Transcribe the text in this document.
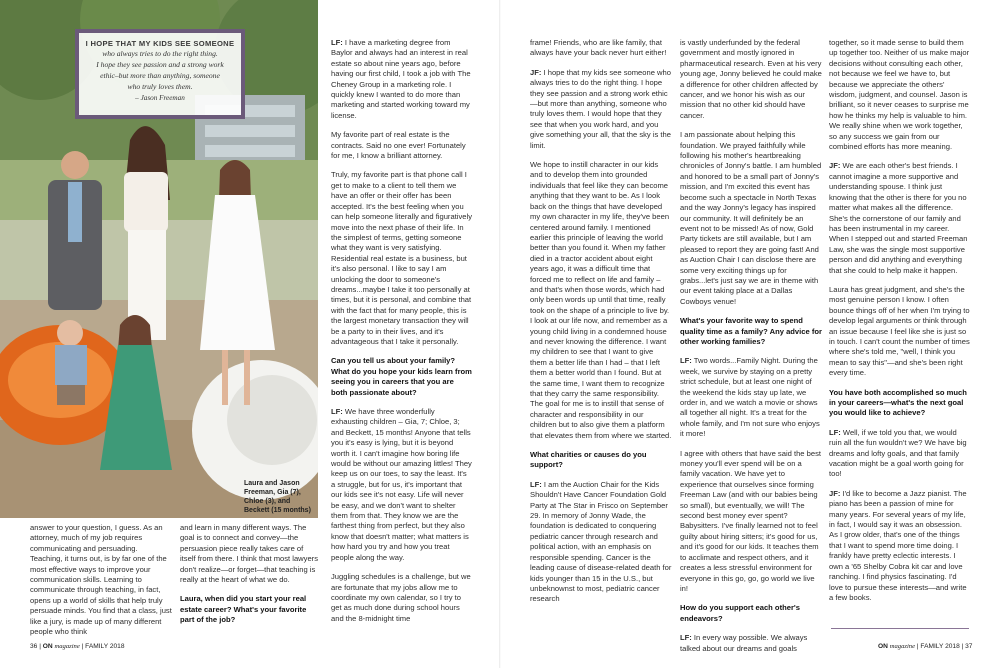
I HOPE THAT MY KIDS SEE SOMEONE
who always tries to do the right thing.
I hope they see passion and a strong work
ethic–but more than anything, someone
who truly loves them.
– Jason Freeman
Laura and Jason
Freeman, Gia (7),
Chloe (3), and
Beckett (15 months)

answer to your question, I guess. As an attorney, much of my job requires communicating and persuading. Teaching, it turns out, is by far one of the most effective ways to improve your communication skills. Learning to communicate through teaching, in fact, opens up a world of skills that help truly persuade minds. You find that a class, just like a jury, is made up of many different people who think

and learn in many different ways. The goal is to connect and convey—the persuasion piece really takes care of itself from there. I think that most lawyers don't realize—or forget—that teaching is really at the heart of what we do.

Laura, when did you start your real estate career? What's your favorite part of the job?

LF: I have a marketing degree from Baylor and always had an interest in real estate so about nine years ago, before having our first child, I took a job with The Cheney Group in a marketing role. I quickly knew I wanted to do more than marketing and started working toward my license.

My favorite part of real estate is the contracts. Said no one ever! Fortunately for me, I know a brilliant attorney.

Truly, my favorite part is that phone call I get to make to a client to tell them we have an offer or their offer has been accepted. It's the best feeling when you can help someone literally and figuratively move into the next phase of their life. In the simplest of terms, getting someone what they want is very satisfying. Residential real estate is a business, but it's also personal. I like to say I am unlocking the door to someone's dreams...maybe I take it too personally at times, but it is personal, and combine that with the fact that for many people, this is the largest monetary transaction they will be a party to in their lives, and it's advantageous that I take it personally.

Can you tell us about your family? What do you hope your kids learn from seeing you in careers that you are both passionate about?

LF: We have three wonderfully exhausting children – Gia, 7; Chloe, 3; and Beckett, 15 months! Anyone that tells you it's easy is lying, but it is beyond worth it. I can't imagine how boring life would be without our amazing littles! They keep us on our toes, to say the least. It's a struggle, but for us, it's important that our kids see it's not easy. Life will never be easy, and we don't want to shelter them from that. They know we are the farthest thing from perfect, but they also know that doesn't matter; what matters is how hard you try and how you treat people along the way.

Juggling schedules is a challenge, but we are fortunate that my jobs allow me to coordinate my own calendar, so I try to get as much done during school hours and the 8-midnight time

frame! Friends, who are like family, that always have your back never hurt either!

JF: I hope that my kids see someone who always tries to do the right thing. I hope they see passion and a strong work ethic—but more than anything, someone who truly loves them. I would hope that they see that when you work hard, and you give something your all, that the sky is the limit.

We hope to instill character in our kids and to develop them into grounded individuals that feel like they can become anything that they want to be. As I look back on the things that have developed my own character in my life, they've been centered around family. I mentioned earlier this principle of leaving the world better than you found it. When my father died in a tractor accident about eight years ago, it was a difficult time that forced me to reflect on life and family – and that's when those words, which had only been words up until that time, really took on the shape of a principle to live by. I look at our life now, and remember as a young child living in a condemned house and never knowing the difference. I want my children to see that I want to give them a better life than I had – that I left them a better world than I found. But at the same time, I want them to recognize that they carry the same responsibility. The goal for me is to instill that sense of character and responsibility in our children but to also give them a platform that elevates them from where we started.

What charities or causes do you support?

LF: I am the Auction Chair for the Kids Shouldn't Have Cancer Foundation Gold Party at The Star in Frisco on September 29. In memory of Jonny Wade, the foundation is dedicated to conquering pediatric cancer through research and political action, with an emphasis on responsible spending. Cancer is the leading cause of disease-related death for kids younger than 15 in the U.S., but unbeknownst to most, pediatric cancer research

is vastly underfunded by the federal government and mostly ignored in pharmaceutical research. Even at his very young age, Jonny believed he could make a difference for other children affected by cancer, and we honor his wish as our mission that no other kid should have cancer.

I am passionate about helping this foundation. We prayed faithfully while following his mother's heartbreaking chronicles of Jonny's battle. I am humbled and honored to be a small part of Jonny's mission, and I'm excited this event has become such a spectacle in North Texas and the way Jonny's legacy has inspired our community. It will definitely be an event not to be missed! As of now, Gold Party tickets are still available, but I am pleased to report they are going fast! And as Auction Chair I can disclose there are some very exciting things up for grabs...let's just say we are in theme with our event taking place at a Dallas Cowboys venue!

What's your favorite way to spend quality time as a family? Any advice for other working families?

LF: Two words...Family Night. During the week, we survive by staying on a pretty strict schedule, but at least one night of the weekend the kids stay up late, we order in, and we watch a movie or shows all together all night. It's a treat for the whole family, and I'm not sure who enjoys it more!

I agree with others that have said the best money you'll ever spend will be on a family vacation. We have yet to experience that ourselves since forming Freeman Law (and with our babies being so small), but eventually, we will! The second best money ever spent? Babysitters. I've finally learned not to feel guilty about hiring sitters; it's good for us, and it's good for our kids. It teaches them to acclimate and respect others, and it creates a less stressful environment for everyone in this go, go, go world we live in!

How do you support each other's endeavors?

LF: In every way possible. We always talked about our dreams and goals

together, so it made sense to build them up together too. Neither of us make major decisions without consulting each other, not because we feel we have to, but because we appreciate the others' wisdom, judgment, and counsel. Jason is brilliant, so it never ceases to surprise me how he thinks my help is valuable to him. We really shine when we work together, so any success we gain from our combined efforts has more meaning.

JF: We are each other's best friends. I cannot imagine a more supportive and understanding spouse. I think just knowing that the other is there for you no matter what makes all the difference. She's the cornerstone of our family and has been instrumental in my career. When I stepped out and started Freeman Law, she was the single most supportive person and did anything and everything that she could to help make it happen.

Laura has great judgment, and she's the most genuine person I know. I often bounce things off of her when I'm trying to develop legal arguments or think through an issue because I feel like she is just so in touch. I can't count the number of times where she's told me, "well, I think you mean to say this"—and she's been right every time.

You have both accomplished so much in your careers—what's the next goal you would like to achieve?

LF: Well, if we told you that, we would ruin all the fun wouldn't we? We have big dreams and lofty goals, and that family vacation might be a goal worth going for too!

JF: I'd like to become a Jazz pianist. The piano has been a passion of mine for many years. For several years of my life, in fact, I would say it was an obsession. As I grow older, that's one of the things that I want to spend more time doing. I frankly have pretty eclectic interests. I own a '65 Shelby Cobra kit car and love ranching. I find physics fascinating. I'd love to pursue these interests—and write a few books.

36 | ON magazine | FAMILY 2018	ON magazine | FAMILY 2018 | 37
